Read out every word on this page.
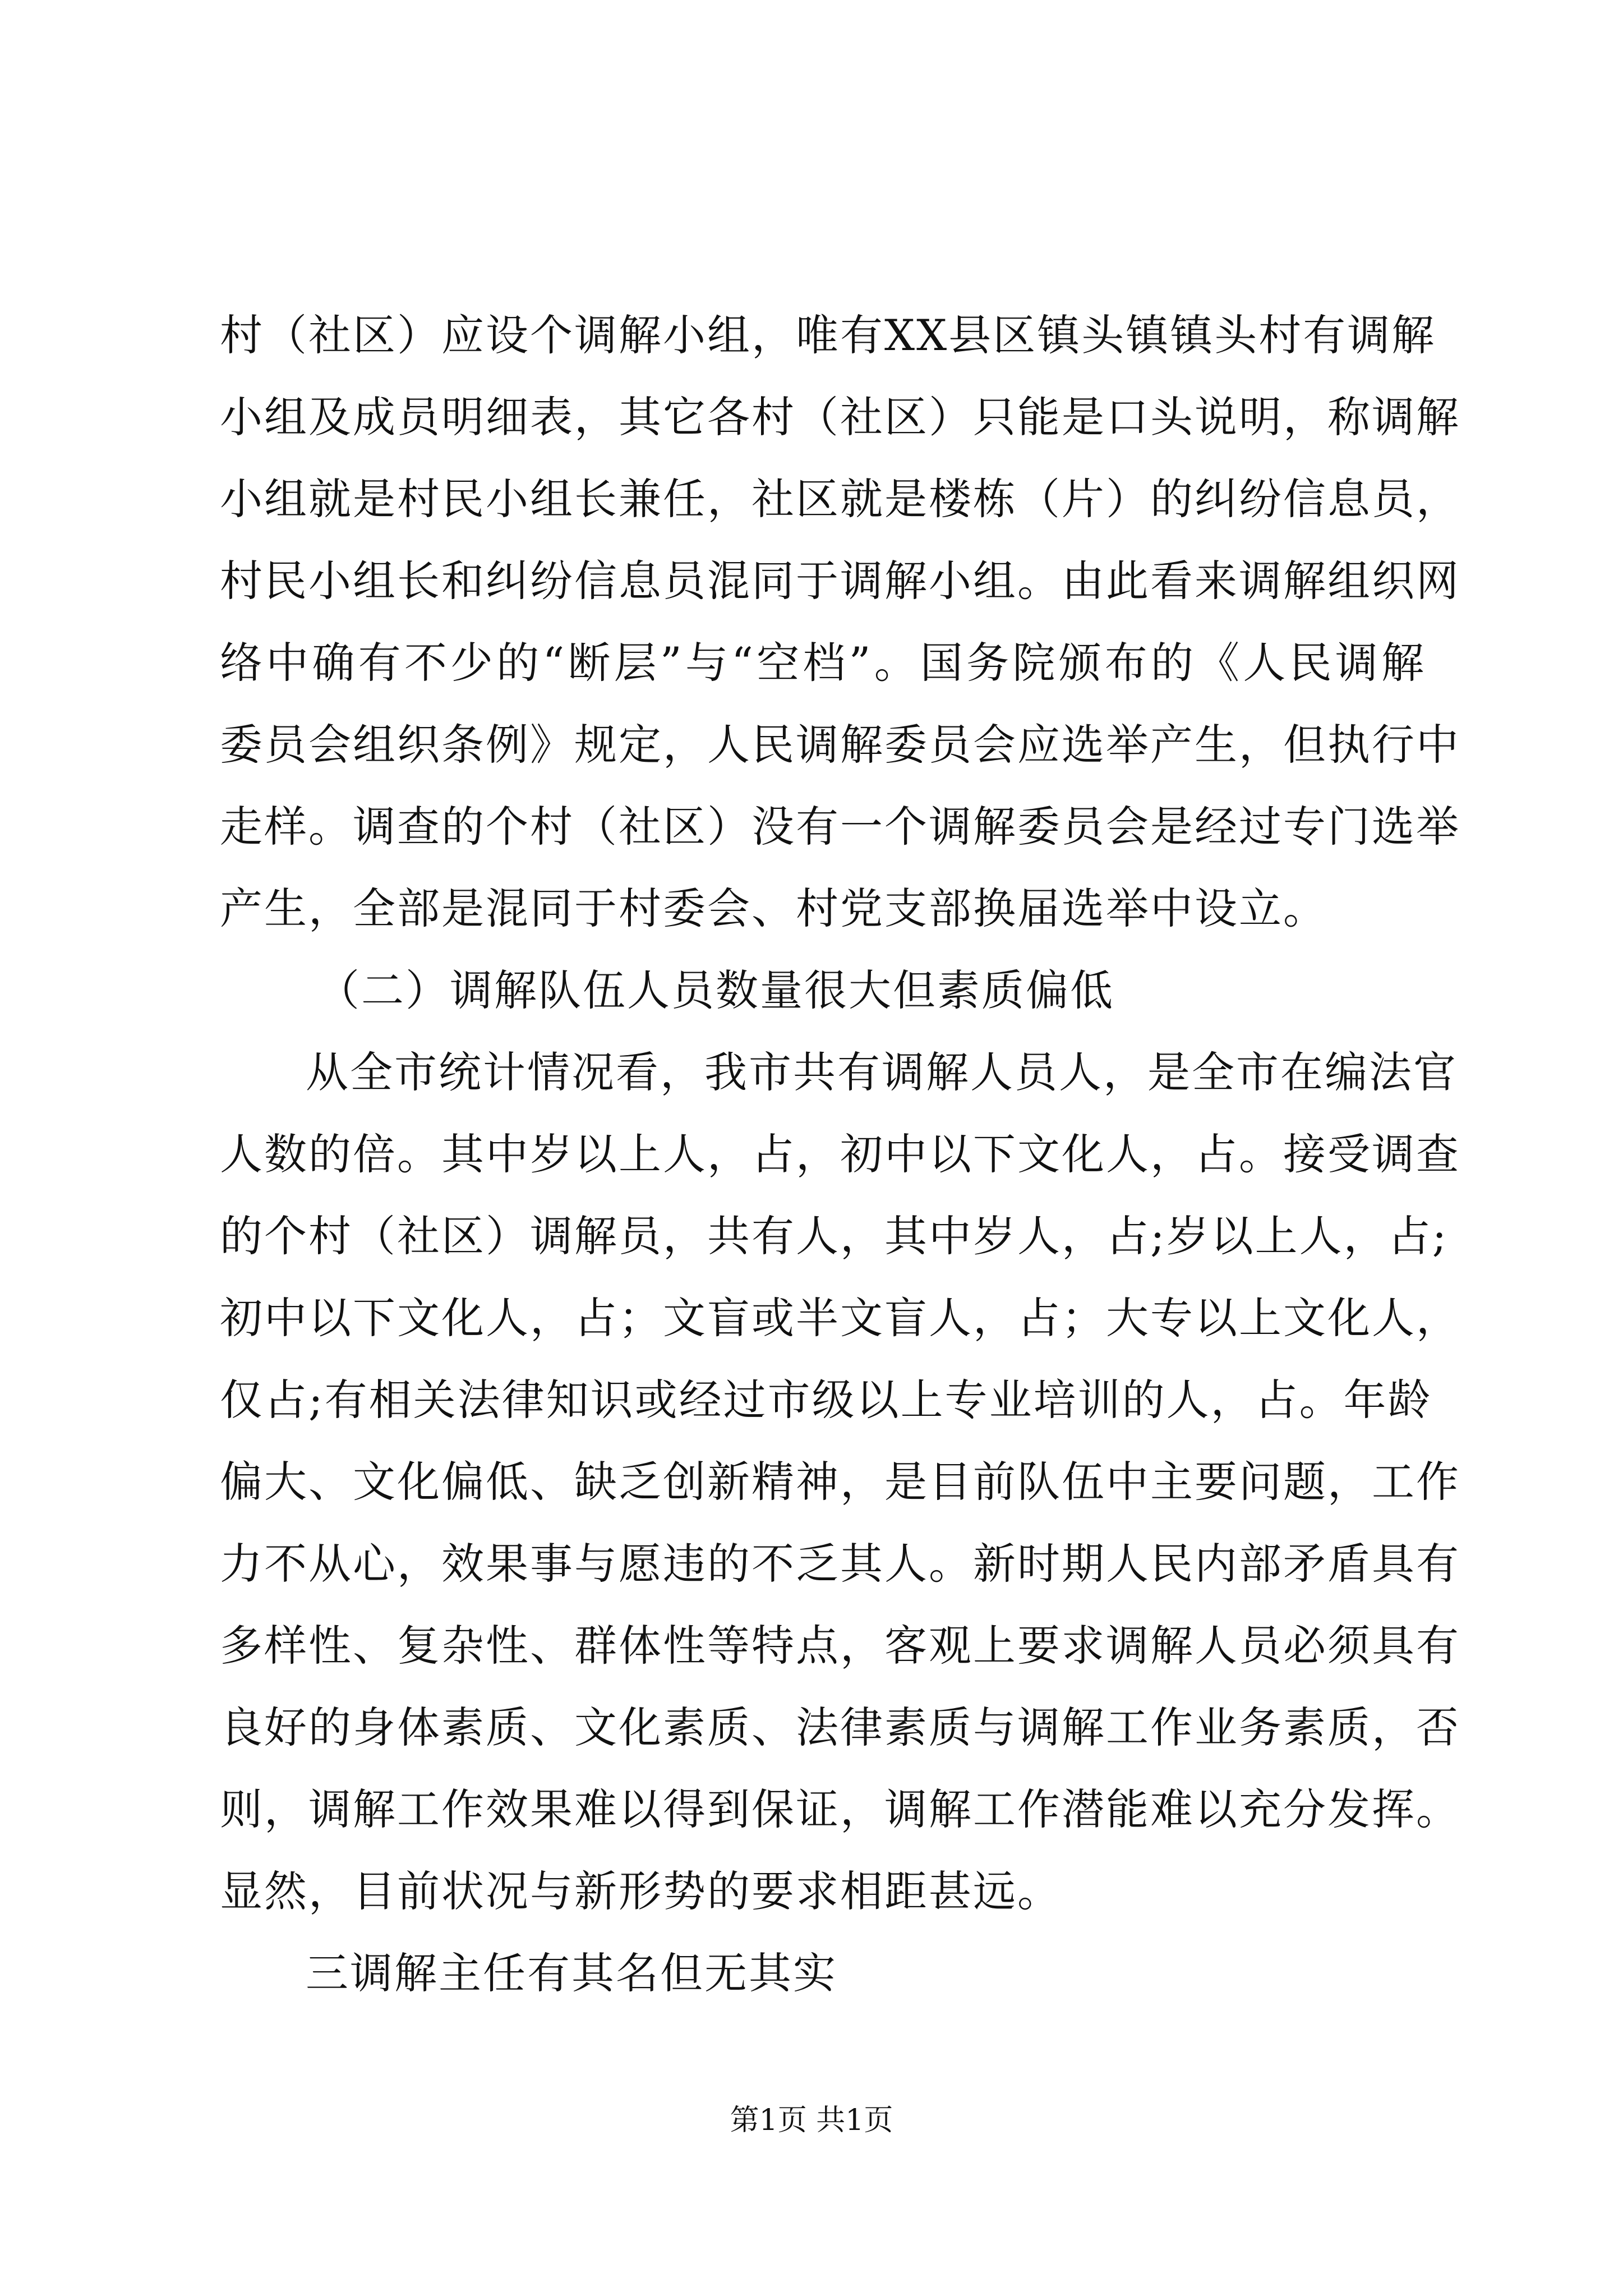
村（社区）应设个调解小组，唯有XX县区镇头镇镇头村有调解
小组及成员明细表，其它各村（社区）只能是口头说明，称调解
小组就是村民小组长兼任，社区就是楼栋（片）的纠纷信息员，
村民小组长和纠纷信息员混同于调解小组。由此看来调解组织网
络中确有不少的“断层”与“空档”。国务院颁布的《人民调解
委员会组织条例》规定，人民调解委员会应选举产生，但执行中
走样。调查的个村（社区）没有一个调解委员会是经过专门选举
产生，全部是混同于村委会、村党支部换届选举中设立。
（二）调解队伍人员数量很大但素质偏低
从全市统计情况看，我市共有调解人员人，是全市在编法官
人数的倍。其中岁以上人，占，初中以下文化人，占。接受调查
的个村（社区）调解员，共有人，其中岁人，占;岁以上人，占;
初中以下文化人，占；文盲或半文盲人，占；大专以上文化人，
仅占;有相关法律知识或经过市级以上专业培训的人，占。年龄
偏大、文化偏低、缺乏创新精神，是目前队伍中主要问题，工作
力不从心，效果事与愿违的不乏其人。新时期人民内部矛盾具有
多样性、复杂性、群体性等特点，客观上要求调解人员必须具有
良好的身体素质、文化素质、法律素质与调解工作业务素质，否
则，调解工作效果难以得到保证，调解工作潜能难以充分发挥。
显然，目前状况与新形势的要求相距甚远。
三调解主任有其名但无其实
第1页 共1页
